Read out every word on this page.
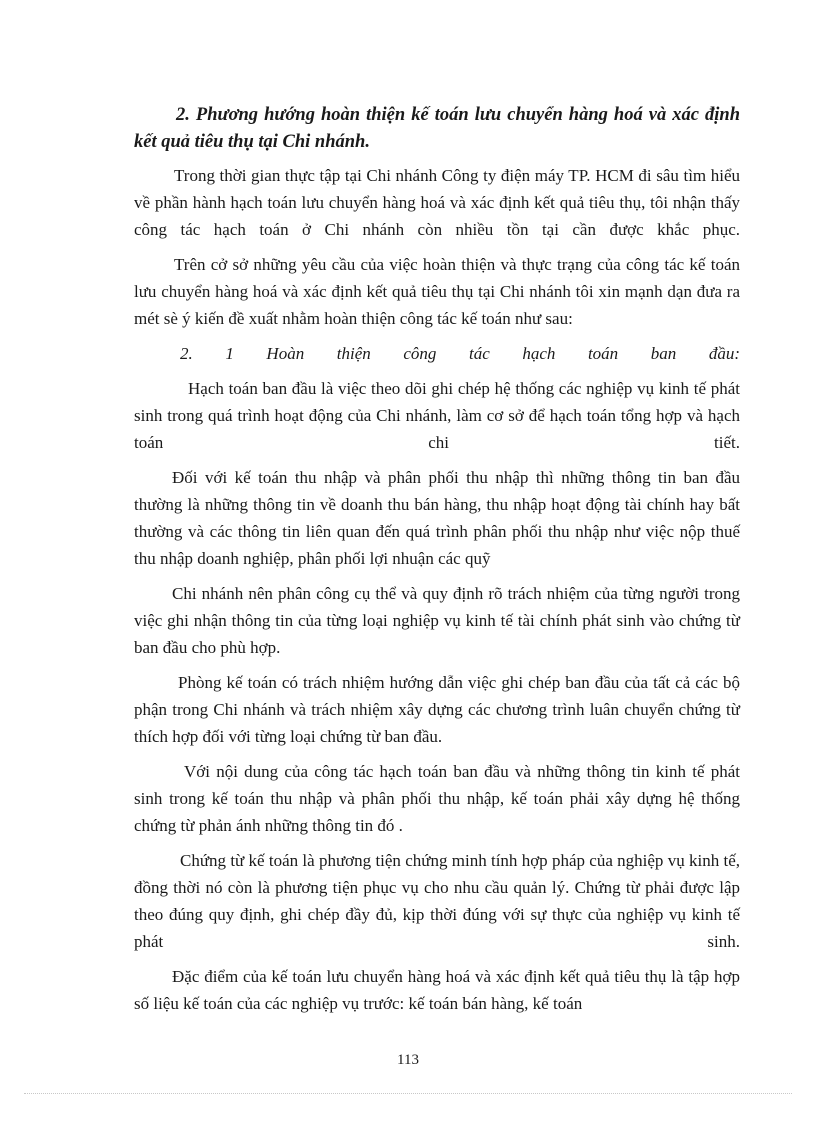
2. Phương hướng hoàn thiện kế toán lưu chuyển hàng hoá và xác định kết quả tiêu thụ tại Chi nhánh.

Trong thời gian thực tập tại Chi nhánh Công ty điện máy TP. HCM đi sâu tìm hiểu về phần hành hạch toán lưu chuyển hàng hoá và xác định kết quả tiêu thụ, tôi nhận thấy công tác hạch toán ở Chi nhánh còn nhiều tồn tại cần được khắc phục.

Trên cở sở những yêu cầu của việc hoàn thiện và thực trạng của công tác kế toán lưu chuyển hàng hoá và xác định kết quả tiêu thụ tại Chi nhánh tôi xin mạnh dạn đưa ra mét sè ý kiến đề xuất nhằm hoàn thiện công tác kế toán như sau:

2. 1 Hoàn thiện công tác hạch toán ban đầu:

Hạch toán ban đầu là việc theo dõi ghi chép hệ thống các nghiệp vụ kinh tế phát sinh trong quá trình hoạt động của Chi nhánh, làm cơ sở để hạch toán tổng hợp và hạch toán chi tiết.

Đối với kế toán thu nhập và phân phối thu nhập thì những thông tin ban đầu thường là những thông tin về doanh thu bán hàng, thu nhập hoạt động tài chính hay bất thường và các thông tin liên quan đến quá trình phân phối thu nhập như việc nộp thuế thu nhập doanh nghiệp, phân phối lợi nhuận các quỹ

Chi nhánh nên phân công cụ thể và quy định rõ trách nhiệm của từng người trong việc ghi nhận thông tin của từng loại nghiệp vụ kinh tế tài chính phát sinh vào chứng từ ban đầu cho phù hợp.

Phòng kế toán có trách nhiệm hướng dẫn việc ghi chép ban đầu của tất cả các bộ phận trong Chi nhánh và trách nhiệm xây dựng các chương trình luân chuyển chứng từ thích hợp đối với từng loại chứng từ ban đầu.

Với nội dung của công tác hạch toán ban đầu và những thông tin kinh tế phát sinh trong kế toán thu nhập và phân phối thu nhập, kế toán phải xây dựng hệ thống chứng từ phản ánh những thông tin đó .

Chứng từ kế toán là phương tiện chứng minh tính hợp pháp của nghiệp vụ kinh tế, đồng thời nó còn là phương tiện phục vụ cho nhu cầu quản lý. Chứng từ phải được lập theo đúng quy định, ghi chép đầy đủ, kịp thời đúng với sự thực của nghiệp vụ kinh tế phát sinh.

Đặc điểm của kế toán lưu chuyển hàng hoá và xác định kết quả tiêu thụ là tập hợp số liệu kế toán của các nghiệp vụ trước: kế toán bán hàng, kế toán

113
